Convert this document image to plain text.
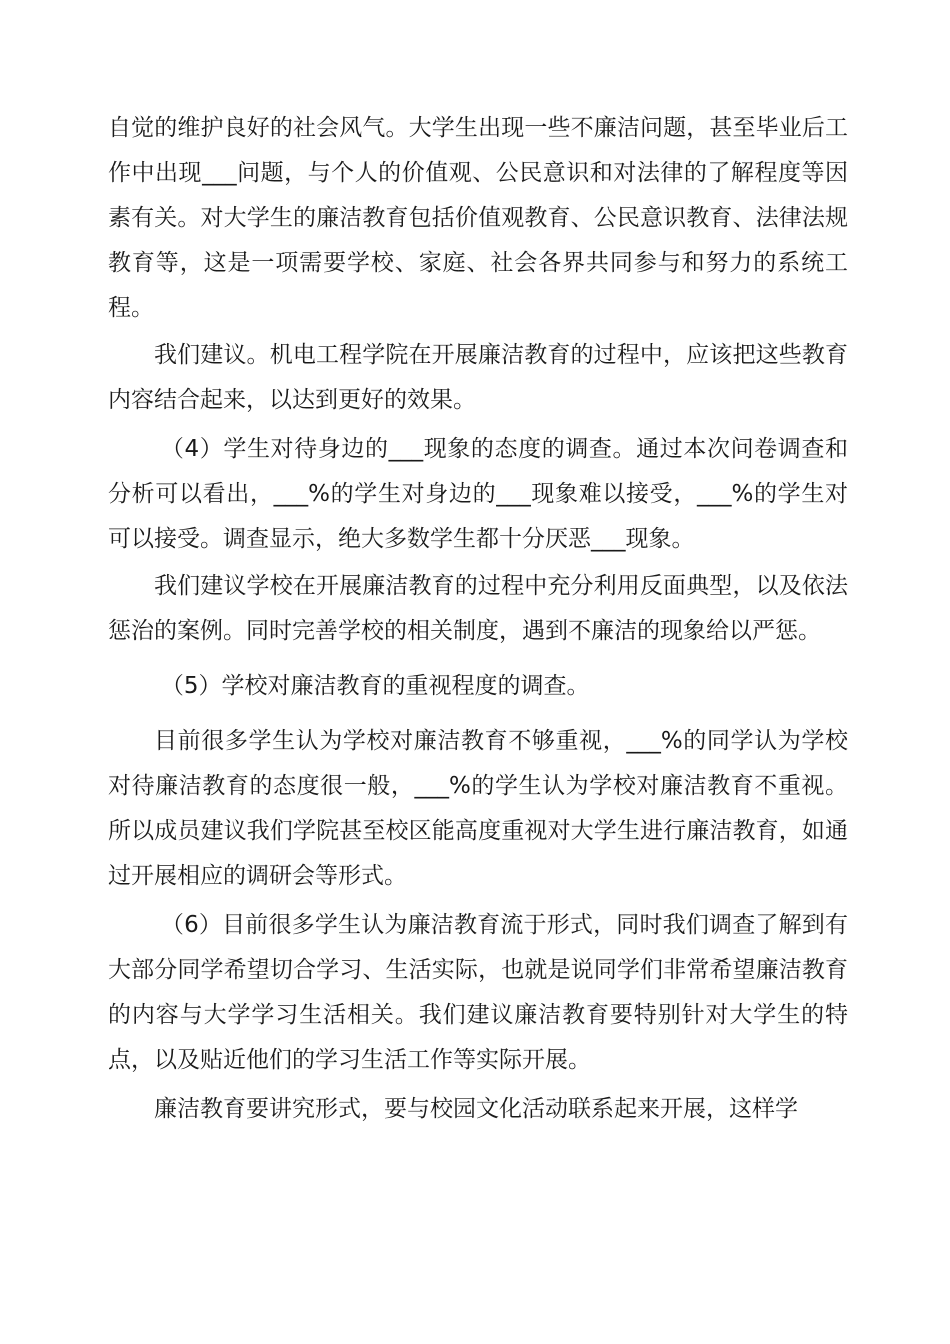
自觉的维护良好的社会风气。大学生出现一些不廉洁问题，甚至毕业后工作中出现___问题，与个人的价值观、公民意识和对法律的了解程度等因素有关。对大学生的廉洁教育包括价值观教育、公民意识教育、法律法规教育等，这是一项需要学校、家庭、社会各界共同参与和努力的系统工程。

我们建议。机电工程学院在开展廉洁教育的过程中，应该把这些教育内容结合起来，以达到更好的效果。

（4）学生对待身边的___现象的态度的调查。通过本次问卷调查和分析可以看出，___%的学生对身边的___现象难以接受，___%的学生对可以接受。调查显示，绝大多数学生都十分厌恶___现象。

我们建议学校在开展廉洁教育的过程中充分利用反面典型，以及依法惩治的案例。同时完善学校的相关制度，遇到不廉洁的现象给以严惩。

（5）学校对廉洁教育的重视程度的调查。

目前很多学生认为学校对廉洁教育不够重视，___%的同学认为学校对待廉洁教育的态度很一般，___%的学生认为学校对廉洁教育不重视。所以成员建议我们学院甚至校区能高度重视对大学生进行廉洁教育，如通过开展相应的调研会等形式。

（6）目前很多学生认为廉洁教育流于形式，同时我们调查了解到有大部分同学希望切合学习、生活实际，也就是说同学们非常希望廉洁教育的内容与大学学习生活相关。我们建议廉洁教育要特别针对大学生的特点，以及贴近他们的学习生活工作等实际开展。

廉洁教育要讲究形式，要与校园文化活动联系起来开展，这样学
